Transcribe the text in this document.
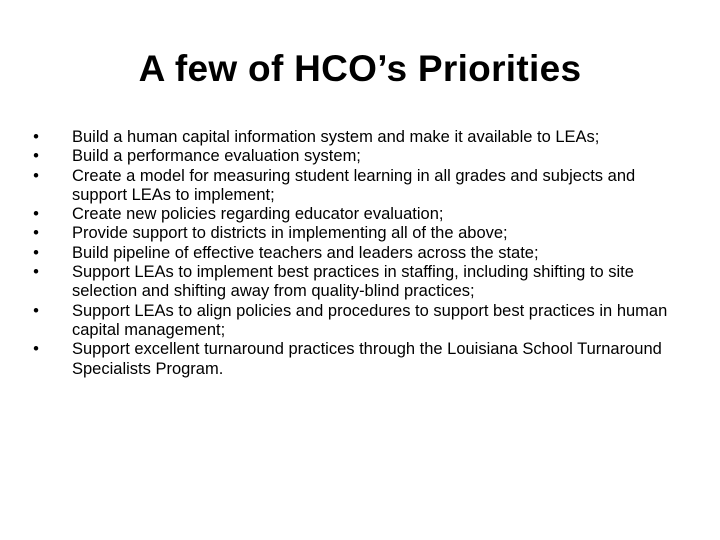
A few of HCO’s Priorities
•	Build a human capital information system and make it available to LEAs;
•	Build a performance evaluation system;
•	Create a model for measuring student learning in all grades and subjects and support LEAs to implement;
•	Create new policies regarding educator evaluation;
•	Provide support to districts in implementing all of the above;
•	Build pipeline of effective teachers and leaders across the state;
•	Support LEAs to implement best practices in staffing, including shifting to site selection and shifting away from quality-blind practices;
•	Support LEAs to align policies and procedures to support best practices in human capital management;
•	Support excellent turnaround practices through the Louisiana School Turnaround Specialists Program.
